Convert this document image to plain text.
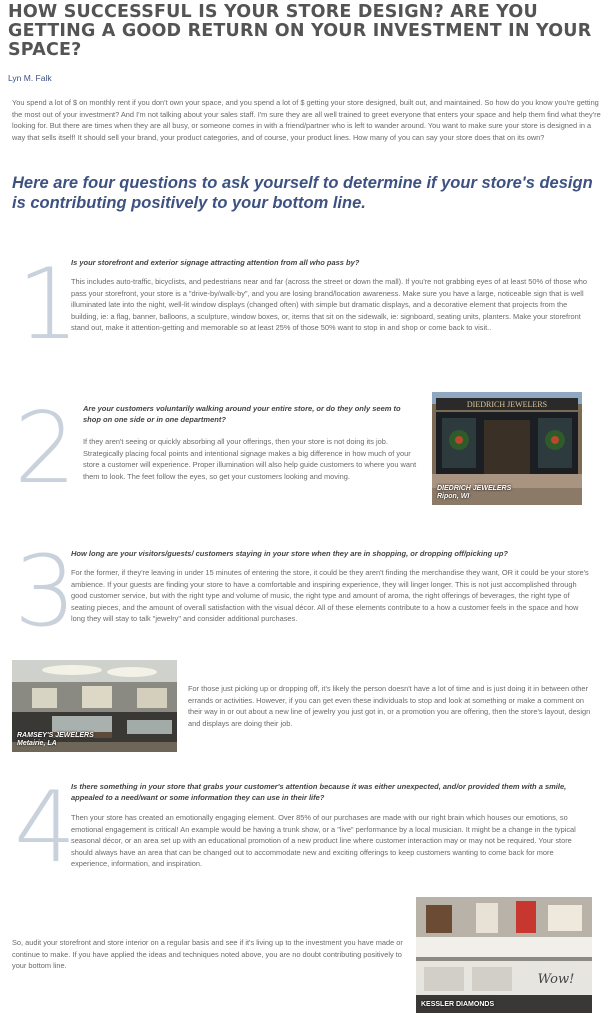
HOW SUCCESSFUL IS YOUR STORE DESIGN? ARE YOU GETTING A GOOD RETURN ON YOUR INVESTMENT IN YOUR SPACE?
Lyn M. Falk
You spend a lot of $ on monthly rent if you don't own your space, and you spend a lot of $ getting your store designed, built out, and maintained. So how do you know you're getting the most out of your investment? And I'm not talking about your sales staff. I'm sure they are all well trained to greet everyone that enters your space and help them find what they're looking for. But there are times when they are all busy, or someone comes in with a friend/partner who is left to wander around. You want to make sure your store is designed in a way that sells itself! It should sell your brand, your product categories, and of course, your product lines. How many of you can say your store does that on its own?
Here are four questions to ask yourself to determine if your store's design is contributing positively to your bottom line.
1
Is your storefront and exterior signage attracting attention from all who pass by?
This includes auto-traffic, bicyclists, and pedestrians near and far (across the street or down the mall). If you're not grabbing eyes of at least 50% of those who pass your storefront, your store is a "drive-by/walk-by", and you are losing brand/location awareness. Make sure you have a large, noticeable sign that is well illuminated late into the night, well-lit window displays (changed often) with simple but dramatic displays, and a decorative element that projects from the building, ie: a flag, banner, balloons, a sculpture, window boxes, or, items that sit on the sidewalk, ie: signboard, seating units, planters. Make your storefront stand out, make it attention-getting and memorable so at least 25% of those 50% want to stop in and shop or come back to visit..
2 Are your customers voluntarily walking around your entire store, or do they only seem to shop on one side or in one department?
If they aren't seeing or quickly absorbing all your offerings, then your store is not doing its job. Strategically placing focal points and intentional signage makes a big difference in how much of your store a customer will experience. Proper illumination will also help guide customers to where you want them to look. The feet follow the eyes, so get your customers looking and moving.
DIEDRICH JEWELERS
DIEDRICH JEWELERS
Ripon, WI
3
How long are your visitors/guests/ customers staying in your store when they are in shopping, or dropping off/picking up?
For the former, if they're leaving in under 15 minutes of entering the store, it could be they aren't finding the merchandise they want, OR it could be your store's ambience. If your guests are finding your store to have a comfortable and inspiring experience, they will linger longer. This is not just accomplished through good customer service, but with the right type and volume of music, the right type and amount of aroma, the right offerings of beverages, the right type of seating pieces, and the amount of overall satisfaction with the visual décor. All of these elements contribute to a how a customer feels in the space and how long they will stay to talk "jewelry" and consider additional purchases.
RAMSEY'S JEWELERS
Metairie, LA
For those just picking up or dropping off, it's likely the person doesn't have a lot of time and is just doing it in between other errands or activities. However, if you can get even these individuals to stop and look at something or make a comment on their way in or out about a new line of jewelry you just got in, or a promotion you are offering, then the store's layout, design and displays are doing their job.
4
Is there something in your store that grabs your customer's attention because it was either unexpected, and/or provided them with a smile, appealed to a need/want or some information they can use in their life?
Then your store has created an emotionally engaging element. Over 85% of our purchases are made with our right brain which houses our emotions, so emotional engagement is critical! An example would be having a trunk show, or a "live" performance by a local musician. It might be a change in the typical seasonal décor, or an area set up with an educational promotion of a new product line where customer interaction may or may not be required. Your store should always have an area that can be changed out to accommodate new and exciting offerings to keep customers wanting to come back for more experience, information, and inspiration.
So, audit your storefront and store interior on a regular basis and see if it's living up to the investment you have made or continue to make. If you have applied the ideas and techniques noted above, you are no doubt contributing positively to your bottom line.
Wow!
KESSLER DIAMONDS
